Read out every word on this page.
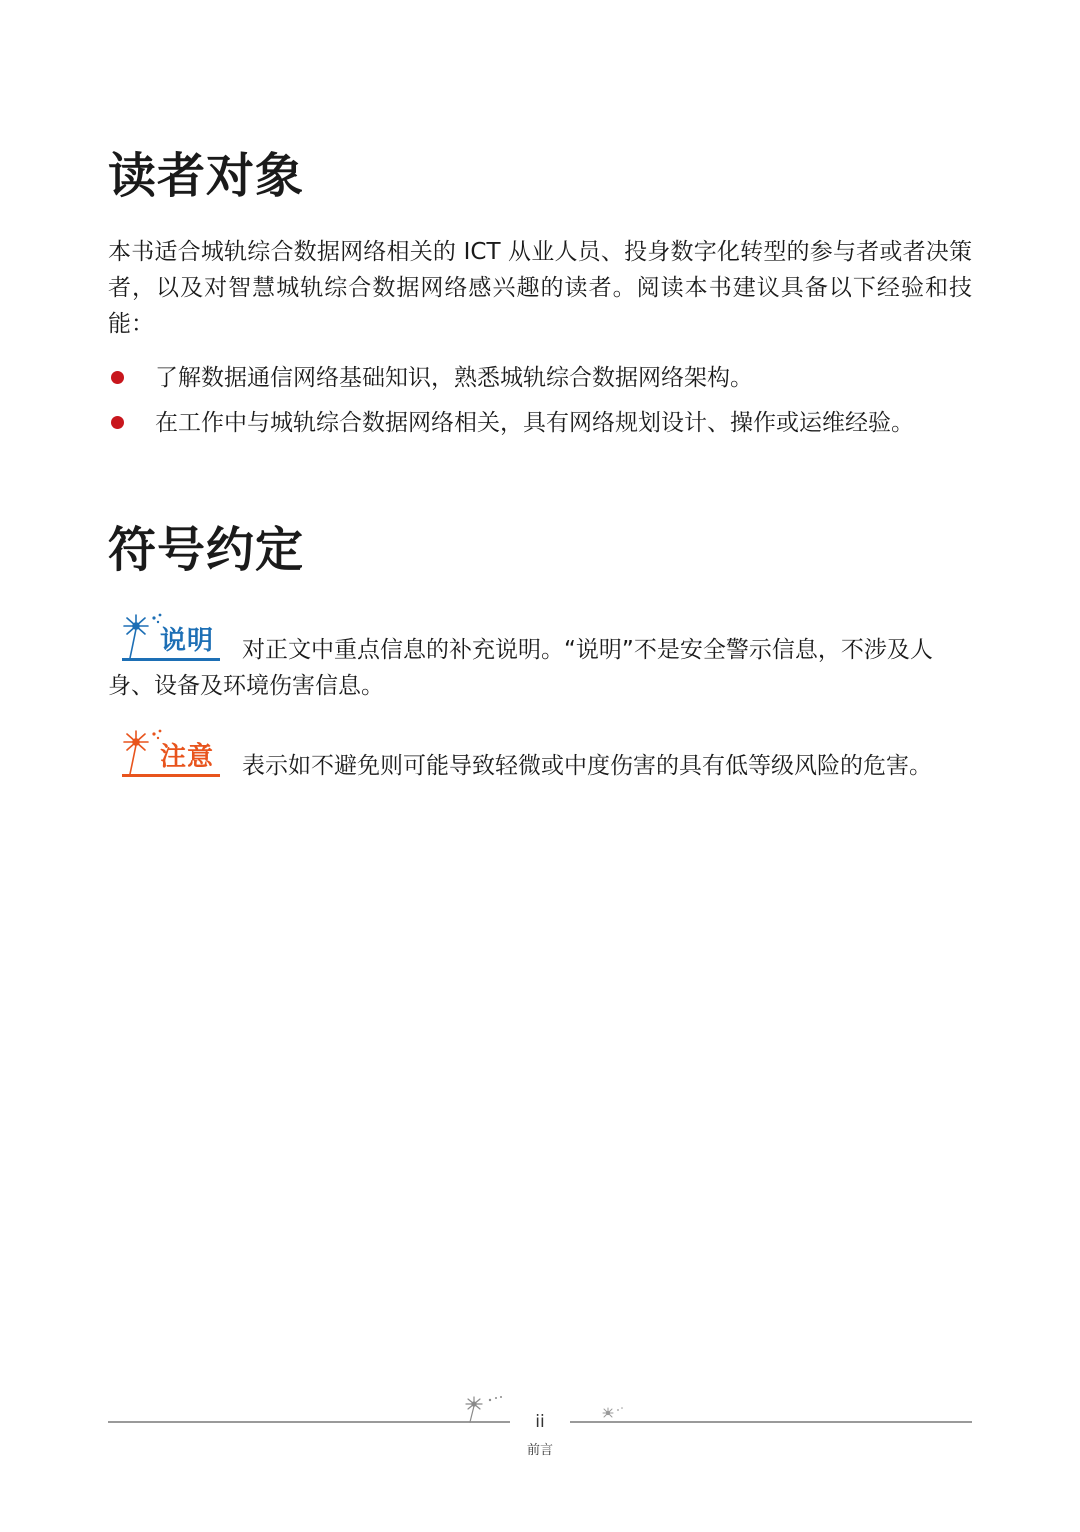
读者对象

本书适合城轨综合数据网络相关的 ICT 从业人员、投身数字化转型的参与者或者决策者，以及对智慧城轨综合数据网络感兴趣的读者。阅读本书建议具备以下经验和技能：

了解数据通信网络基础知识，熟悉城轨综合数据网络架构。
在工作中与城轨综合数据网络相关，具有网络规划设计、操作或运维经验。
符号约定
说明	对正文中重点信息的补充说明。“说明”不是安全警示信息，不涉及人身、设备及环境伤害信息。

注意	表示如不避免则可能导致轻微或中度伤害的具有低等级风险的危害。

ii
前言
